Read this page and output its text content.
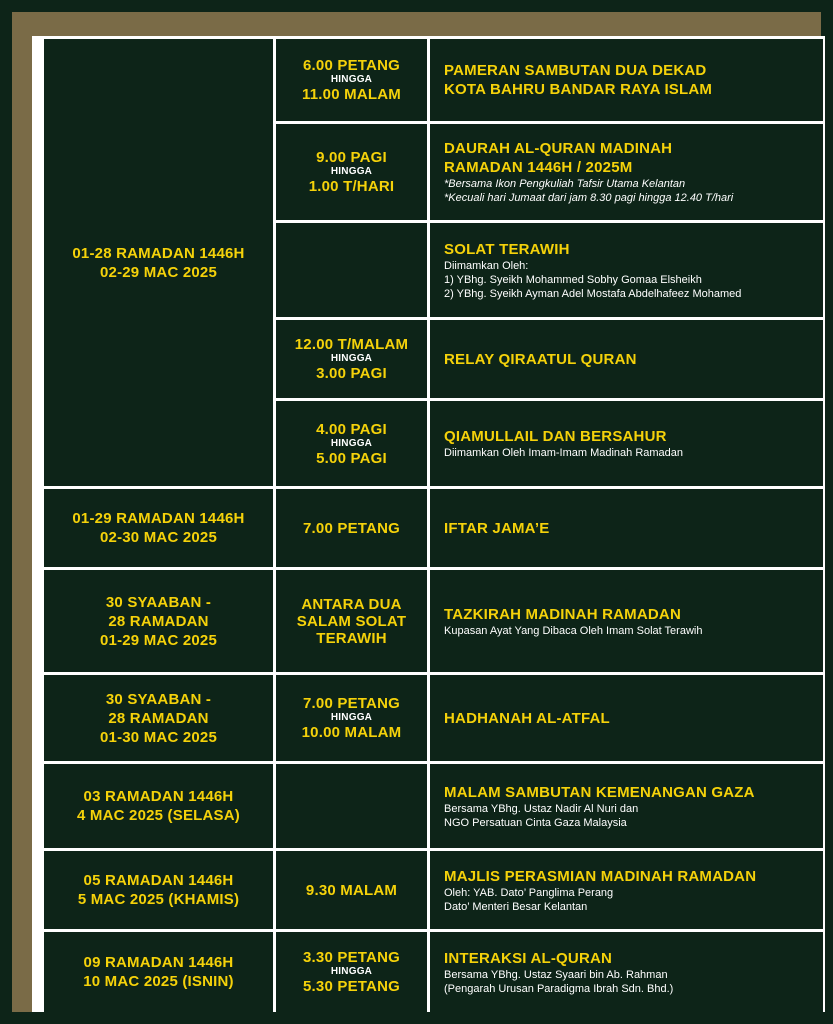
01-28 RAMADAN 1446H
02-29 MAC 2025
6.00 PETANG
HINGGA
11.00 MALAM
PAMERAN SAMBUTAN DUA DEKAD
KOTA BAHRU BANDAR RAYA ISLAM
9.00 PAGI
HINGGA
1.00 T/HARI
DAURAH AL-QURAN MADINAH
RAMADAN 1446H / 2025M
*Bersama Ikon Pengkuliah Tafsir Utama Kelantan
*Kecuali hari Jumaat dari jam 8.30 pagi hingga 12.40 T/hari
SOLAT TERAWIH
Diimamkan Oleh:
1) YBhg. Syeikh Mohammed Sobhy Gomaa Elsheikh
2) YBhg. Syeikh Ayman Adel Mostafa Abdelhafeez Mohamed
12.00 T/MALAM
HINGGA
3.00 PAGI
RELAY QIRAATUL QURAN
4.00 PAGI
HINGGA
5.00 PAGI
QIAMULLAIL DAN BERSAHUR
Diimamkan Oleh Imam-Imam Madinah Ramadan
01-29 RAMADAN 1446H
02-30 MAC 2025
7.00 PETANG	IFTAR JAMA’E
30 SYAABAN -
28 RAMADAN
01-29 MAC 2025
ANTARA DUA
SALAM SOLAT
TERAWIH
TAZKIRAH MADINAH RAMADAN
Kupasan Ayat Yang Dibaca Oleh Imam Solat Terawih
30 SYAABAN -
28 RAMADAN
01-30 MAC 2025
7.00 PETANG
HINGGA
10.00 MALAM
HADHANAH AL-ATFAL
03 RAMADAN 1446H
4 MAC 2025 (SELASA)
MALAM SAMBUTAN KEMENANGAN GAZA
Bersama YBhg. Ustaz Nadir Al Nuri dan
NGO Persatuan Cinta Gaza Malaysia
05 RAMADAN 1446H
5 MAC 2025 (KHAMIS)
9.30 MALAM
MAJLIS PERASMIAN MADINAH RAMADAN
Oleh: YAB. Dato’ Panglima Perang
Dato’ Menteri Besar Kelantan
09 RAMADAN 1446H
10 MAC 2025 (ISNIN)
3.30 PETANG
HINGGA
5.30 PETANG
INTERAKSI AL-QURAN
Bersama YBhg. Ustaz Syaari bin Ab. Rahman
(Pengarah Urusan Paradigma Ibrah Sdn. Bhd.)
